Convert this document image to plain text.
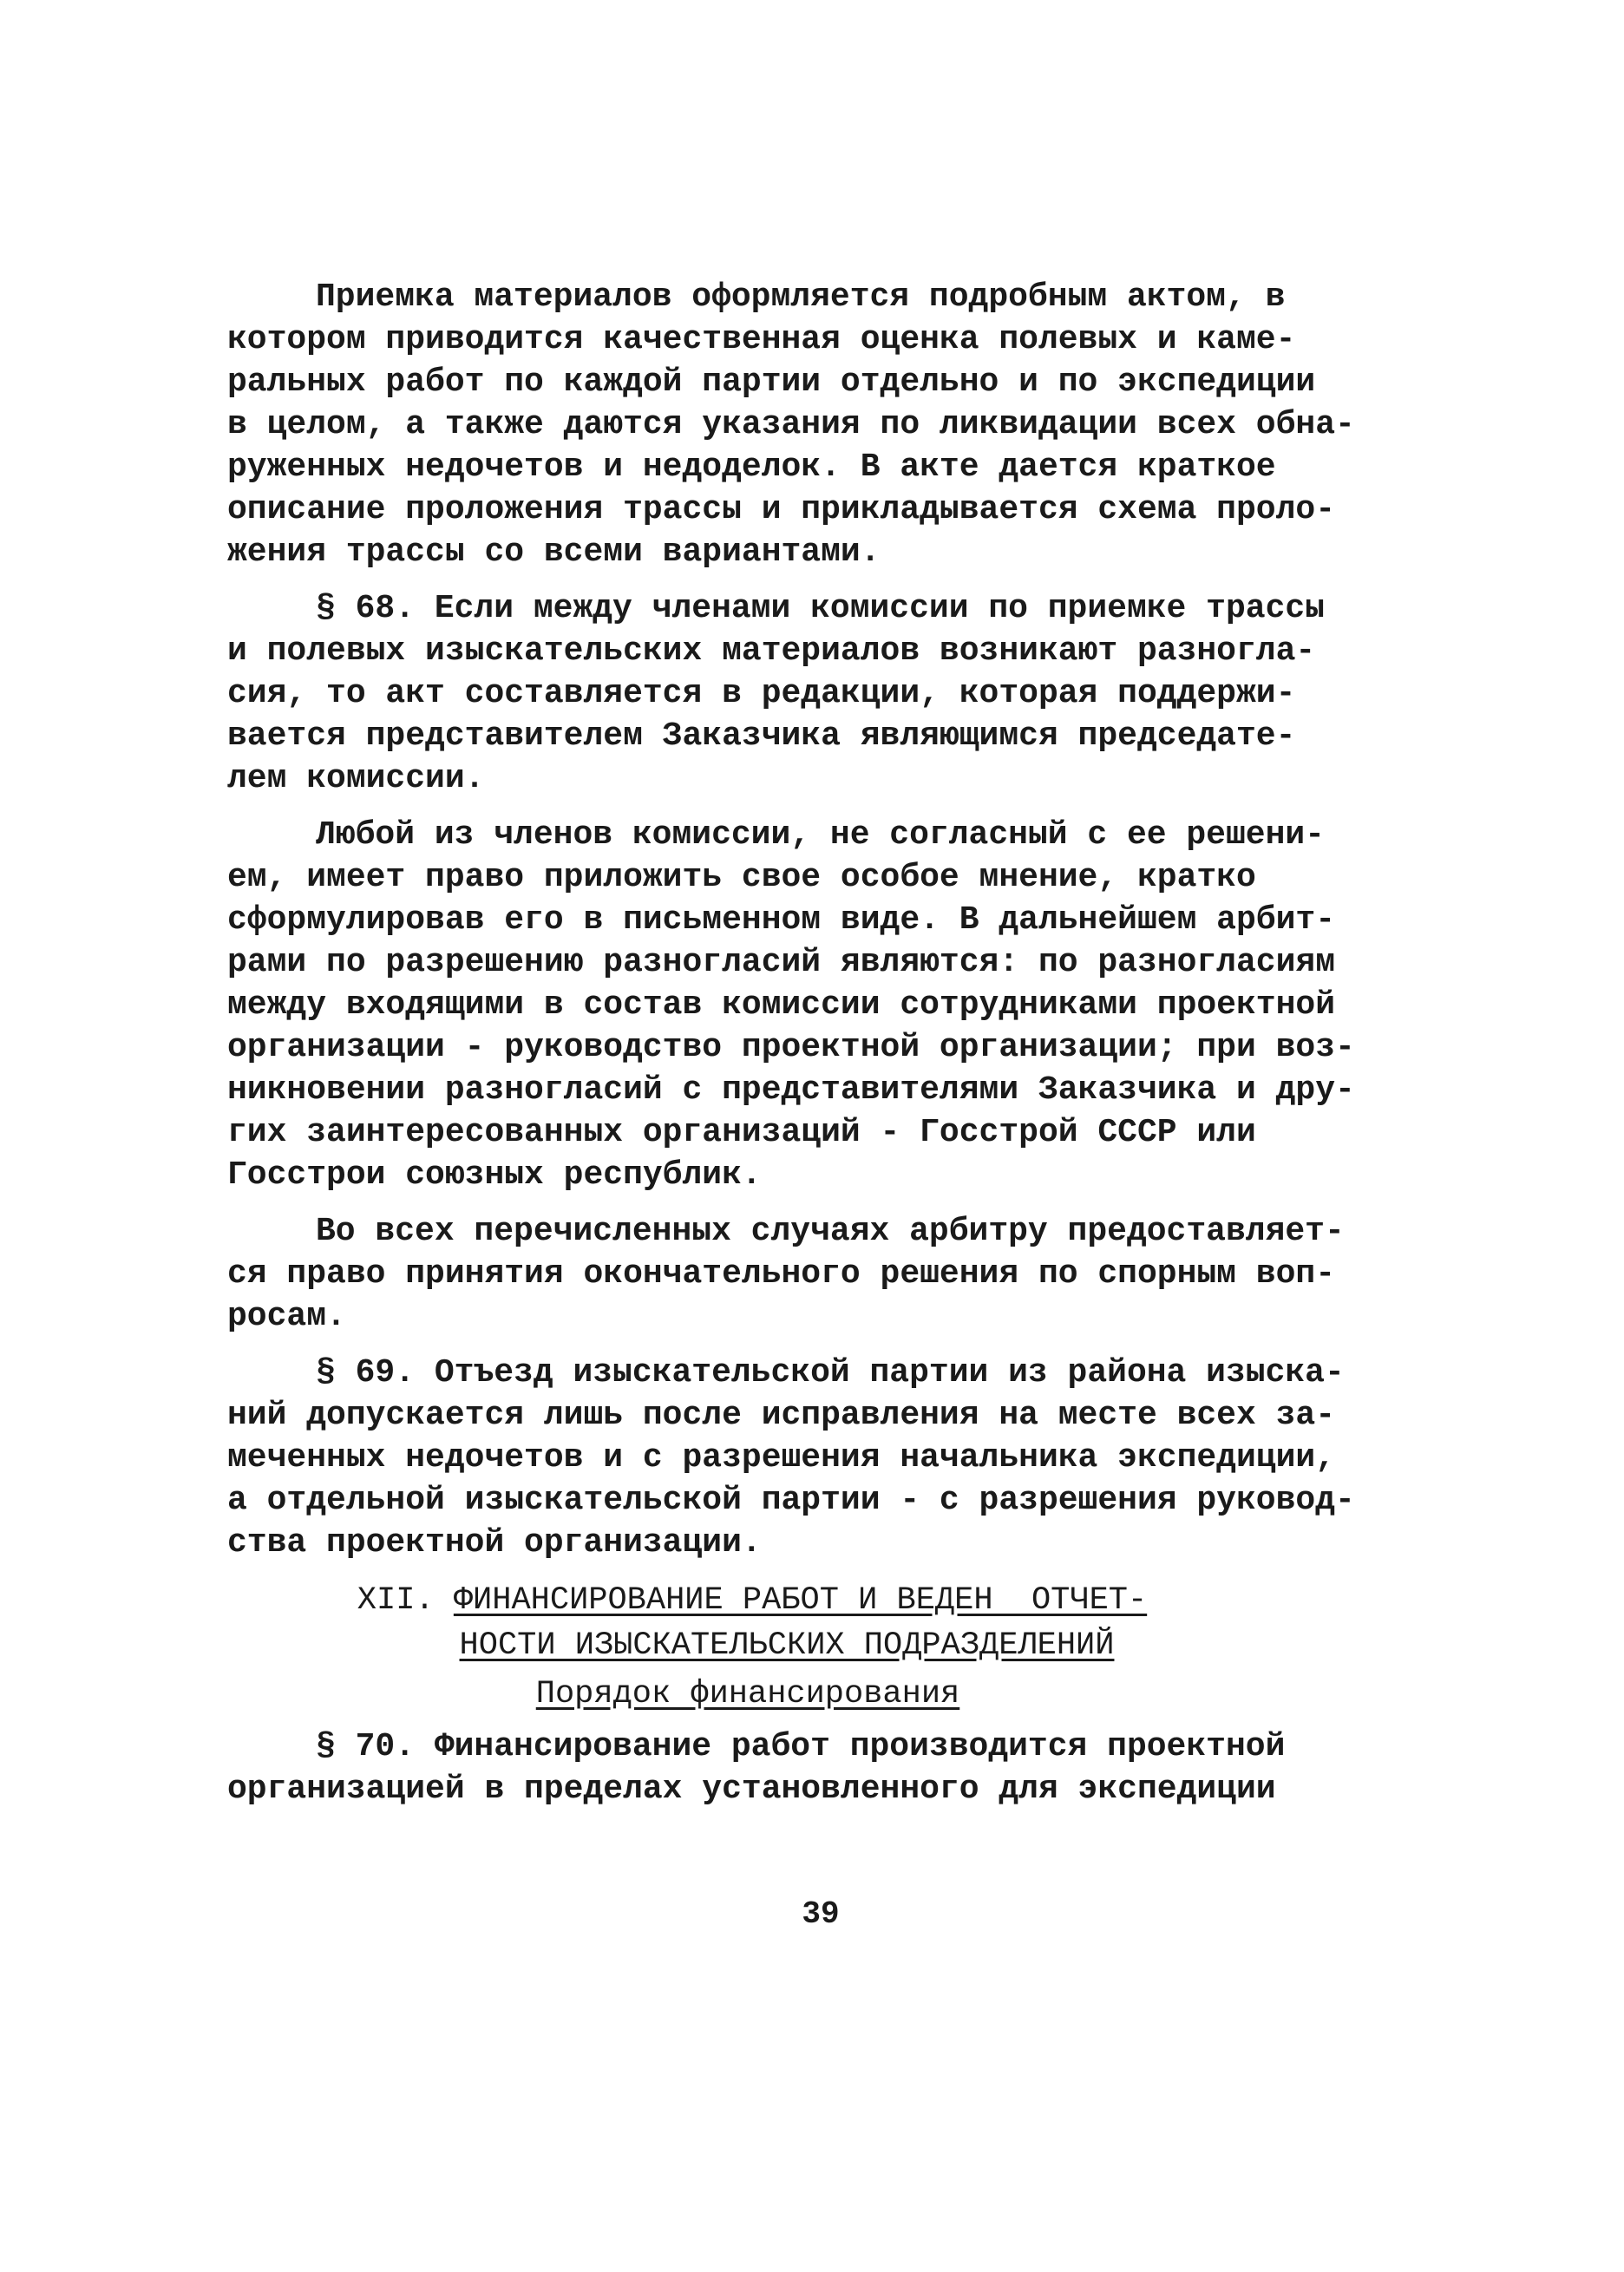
Приемка материалов оформляется подробным актом, в
котором приводится качественная оценка полевых и каме-
ральных работ по каждой партии отдельно и по экспедиции
в целом, а также даются указания по ликвидации всех обна-
руженных недочетов и недоделок. В акте дается краткое
описание проложения трассы и прикладывается схема проло-
жения трассы со всеми вариантами.
§ 68. Если между членами комиссии по приемке трассы
и полевых изыскательских материалов возникают разногла-
сия, то акт составляется в редакции, которая поддержи-
вается представителем Заказчика являющимся председате-
лем комиссии.
Любой из членов комиссии, не согласный с ее решени-
ем, имеет право приложить свое особое мнение, кратко
сформулировав его в письменном виде. В дальнейшем арбит-
рами по разрешению разногласий являются: по разногласиям
между входящими в состав комиссии сотрудниками проектной
организации - руководство проектной организации; при воз-
никновении разногласий с представителями Заказчика и дру-
гих заинтересованных организаций - Госстрой СССР или
Госстрои союзных республик.
Во всех перечисленных случаях арбитру предоставляет-
ся право принятия окончательного решения по спорным воп-
росам.
§ 69. Отъезд изыскательской партии из района изыска-
ний допускается лишь после исправления на месте всех за-
меченных недочетов и с разрешения начальника экспедиции,
а отдельной изыскательской партии - с разрешения руковод-
ства проектной организации.
XII. ФИНАНСИРОВАНИЕ РАБОТ И ВЕДЕН  ОТЧЕТ-
НОСТИ ИЗЫСКАТЕЛЬСКИХ ПОДРАЗДЕЛЕНИЙ
Порядок финансирования
§ 70. Финансирование работ производится проектной
организацией в пределах установленного для экспедиции
39
